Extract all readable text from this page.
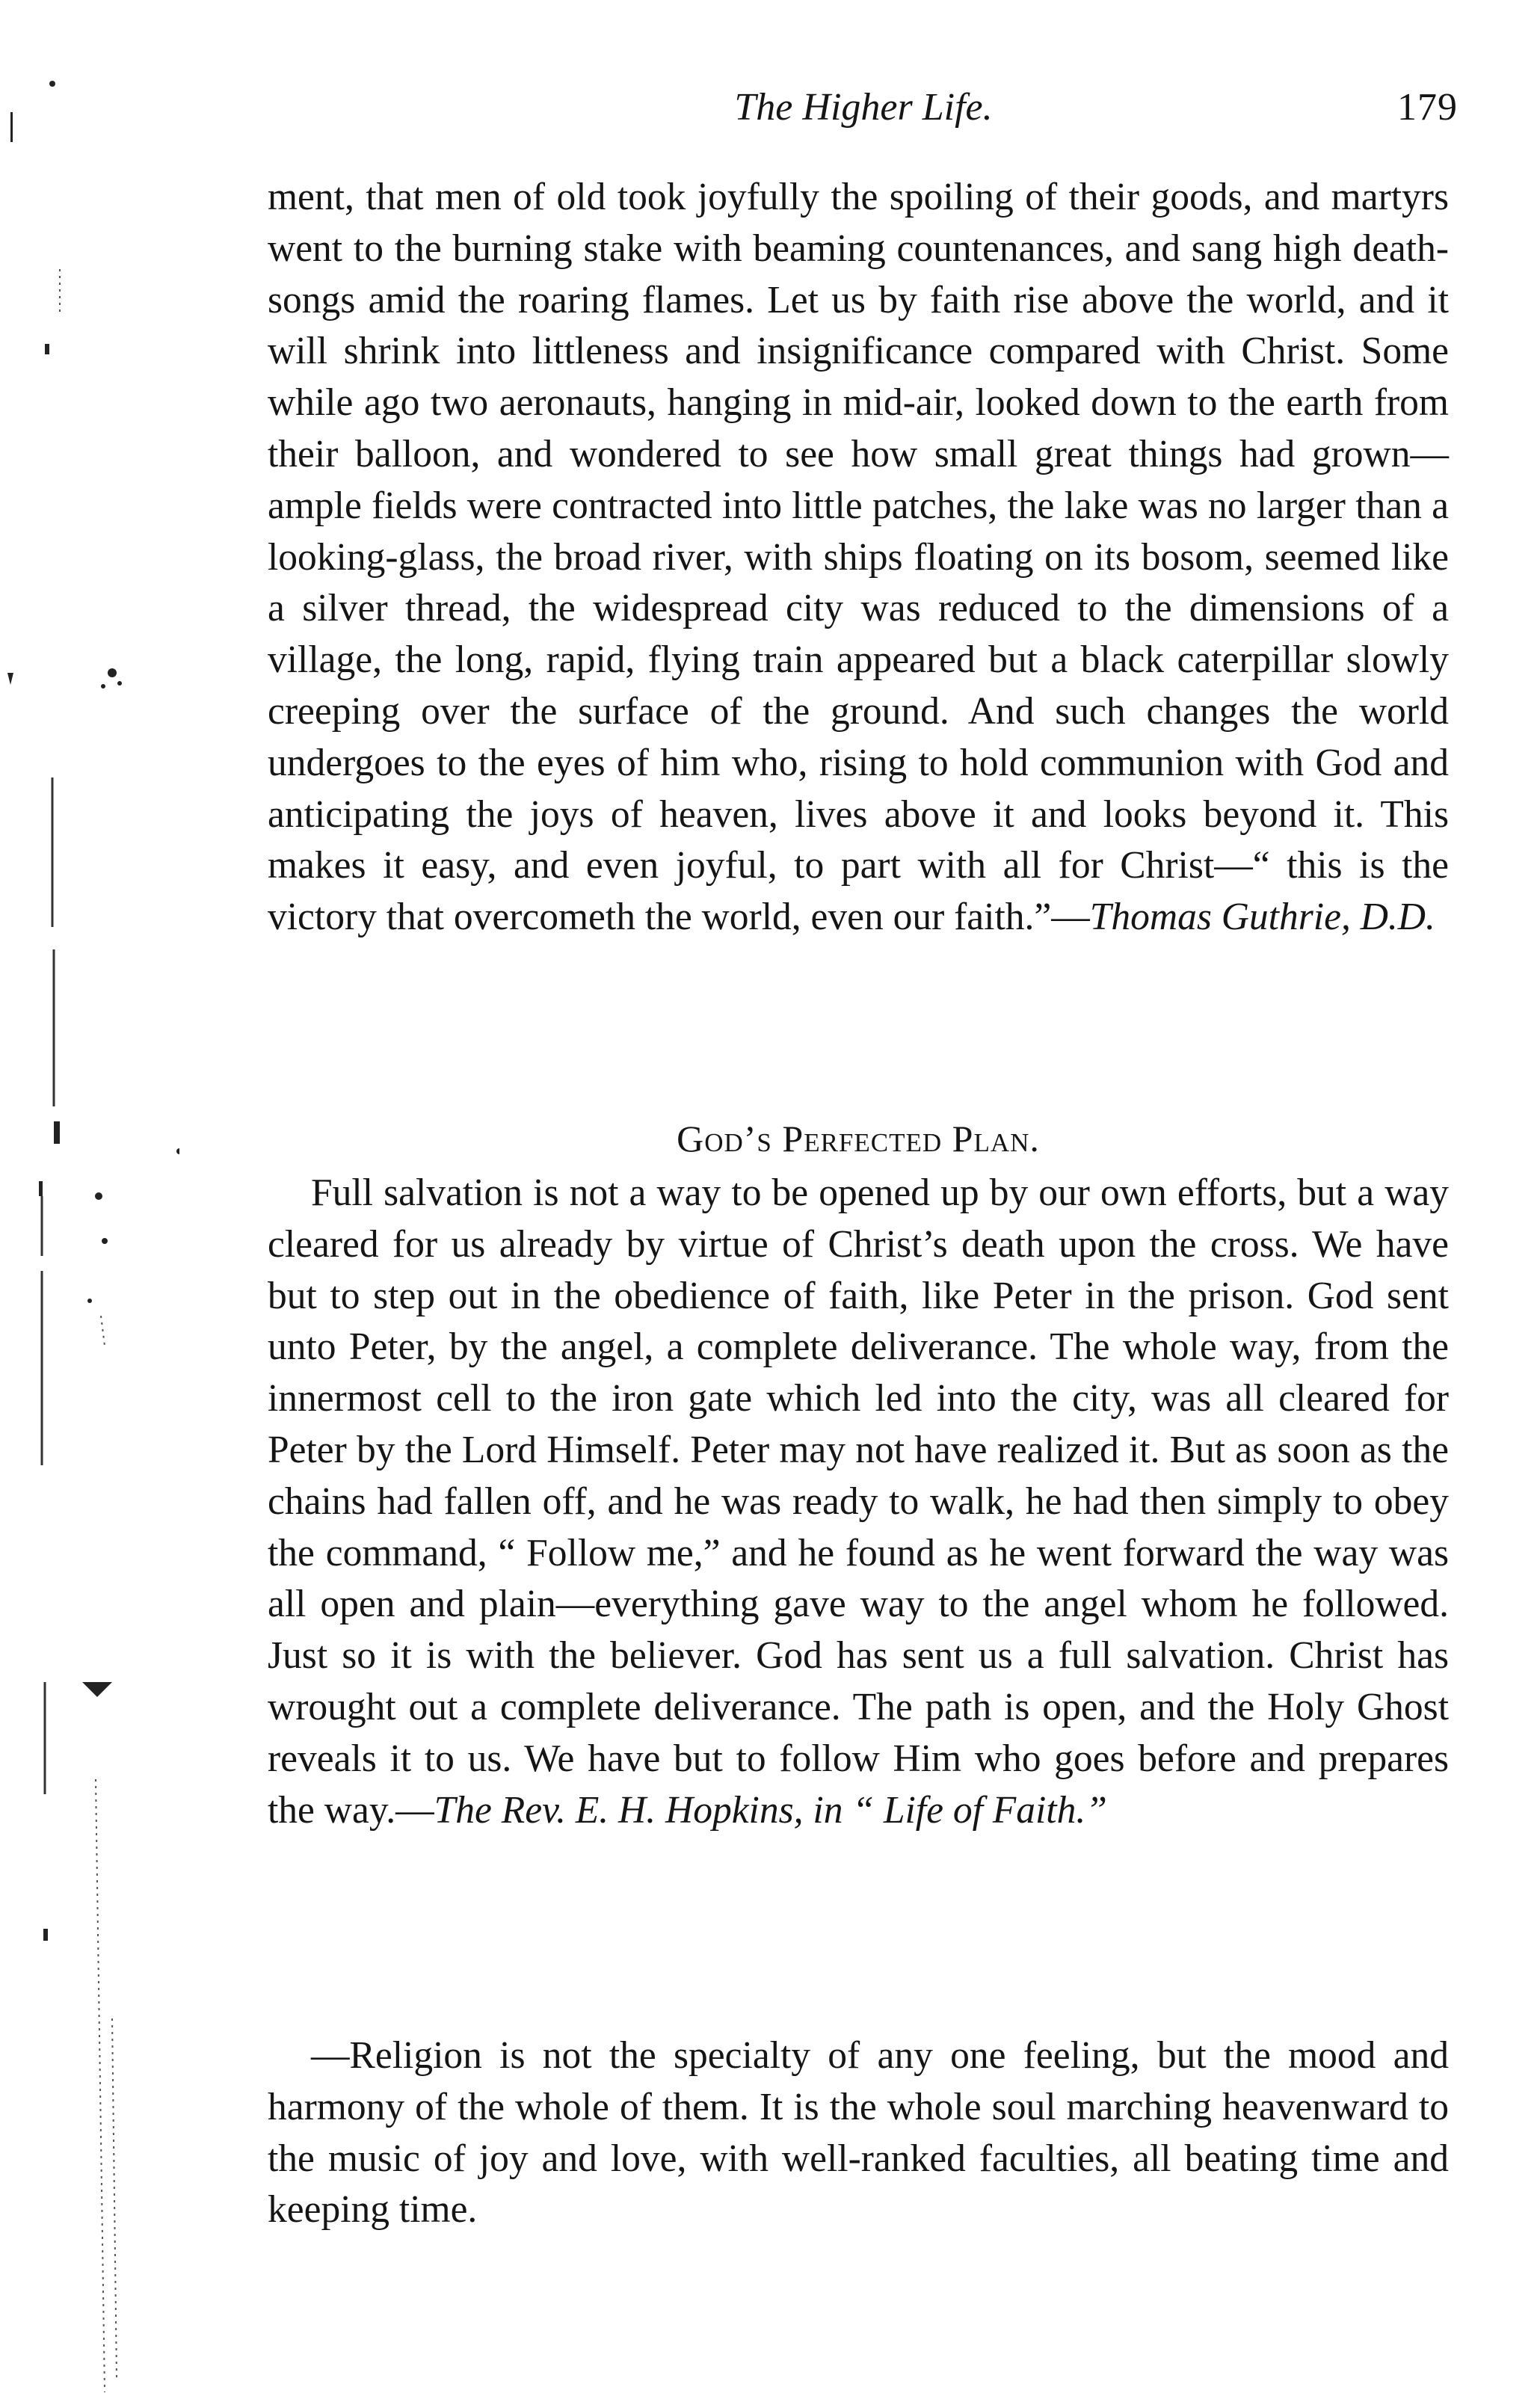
The Higher Life.	179

ment, that men of old took joyfully the spoiling of their goods, and martyrs went to the burning stake with beaming countenances, and sang high death-songs amid the roaring flames. Let us by faith rise above the world, and it will shrink into littleness and insignificance compared with Christ. Some while ago two aeronauts, hanging in mid-air, looked down to the earth from their balloon, and wondered to see how small great things had grown—ample fields were contracted into little patches, the lake was no larger than a looking-glass, the broad river, with ships floating on its bosom, seemed like a silver thread, the widespread city was reduced to the dimensions of a village, the long, rapid, flying train appeared but a black caterpillar slowly creeping over the surface of the ground. And such changes the world undergoes to the eyes of him who, rising to hold communion with God and anticipating the joys of heaven, lives above it and looks beyond it. This makes it easy, and even joyful, to part with all for Christ—“ this is the victory that overcometh the world, even our faith.”—Thomas Guthrie, D.D.

God’s Perfected Plan.

Full salvation is not a way to be opened up by our own efforts, but a way cleared for us already by virtue of Christ’s death upon the cross. We have but to step out in the obedience of faith, like Peter in the prison. God sent unto Peter, by the angel, a complete deliverance. The whole way, from the innermost cell to the iron gate which led into the city, was all cleared for Peter by the Lord Himself. Peter may not have realized it. But as soon as the chains had fallen off, and he was ready to walk, he had then simply to obey the command, “ Follow me,” and he found as he went forward the way was all open and plain—everything gave way to the angel whom he followed. Just so it is with the believer. God has sent us a full salvation. Christ has wrought out a complete deliverance. The path is open, and the Holy Ghost reveals it to us. We have but to follow Him who goes before and prepares the way.—The Rev. E. H. Hopkins, in “ Life of Faith.”

—Religion is not the specialty of any one feeling, but the mood and harmony of the whole of them. It is the whole soul marching heavenward to the music of joy and love, with well-ranked faculties, all beating time and keeping time.
